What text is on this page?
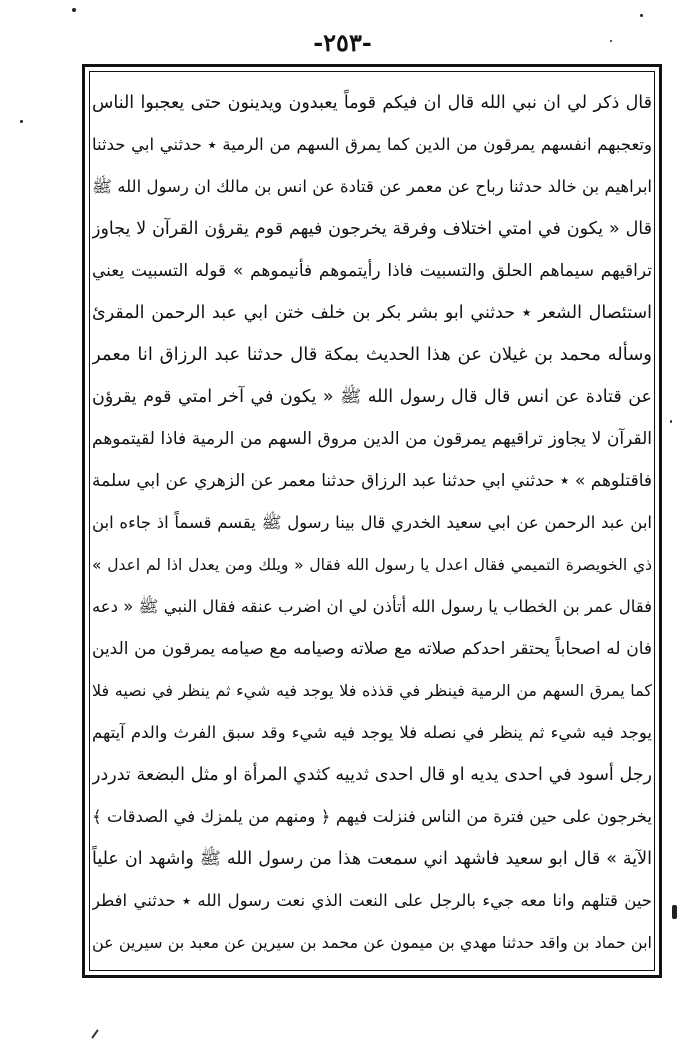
-٢٥٣-
قال ذكر لي ان نبي الله قال ان فيكم قوماً يعبدون ويدينون حتى يعجبوا الناس
وتعجبهم انفسهم يمرقون من الدين كما يمرق السهم من الرمية ٭ حدثني ابي حدثنا
ابراهيم بن خالد حدثنا رباح عن معمر عن قتادة عن انس بن مالك ان رسول الله ﷺ
قال « يكون في امتي اختلاف وفرقة يخرجون فيهم قوم يقرؤن القرآن لا يجاوز
تراقيهم سيماهم الحلق والتسبيت فاذا رأيتموهم فأنيموهم » قوله التسبيت يعني
استئصال الشعر ٭ حدثني ابو بشر بكر بن خلف ختن ابي عبد الرحمن المقرئ
وسأله محمد بن غيلان عن هذا الحديث بمكة قال حدثنا عبد الرزاق انا معمر
عن قتادة عن انس قال قال رسول الله ﷺ « يكون في آخر امتي قوم يقرؤن
القرآن لا يجاوز تراقيهم يمرقون من الدين مروق السهم من الرمية فاذا لقيتموهم
فاقتلوهم » ٭ حدثني ابي حدثنا عبد الرزاق حدثنا معمر عن الزهري عن ابي سلمة
ابن عبد الرحمن عن ابي سعيد الخدري قال بينا رسول ﷺ يقسم قسماً اذ جاءه ابن
ذي الخويصرة التميمي فقال اعدل يا رسول الله فقال « ويلك ومن يعدل اذا لم اعدل »
فقال عمر بن الخطاب يا رسول الله أتأذن لي ان اضرب عنقه فقال النبي ﷺ « دعه
فان له اصحاباً يحتقر احدكم صلاته مع صلاته وصيامه مع صيامه يمرقون من الدين
كما يمرق السهم من الرمية فينظر في قذذه فلا يوجد فيه شيء ثم ينظر في نصيه فلا
يوجد فيه شيء ثم ينظر في نصله فلا يوجد فيه شيء وقد سبق الفرث والدم آيتهم
رجل أسود في احدى يديه او قال احدى ثدييه كثدي المرأة او مثل البضعة تدردر
يخرجون على حين فترة من الناس فنزلت فيهم ﴿ ومنهم من يلمزك في الصدقات ﴾
الآية » قال ابو سعيد فاشهد اني سمعت هذا من رسول الله ﷺ واشهد ان علياً
حين قتلهم وانا معه جيء بالرجل على النعت الذي نعت رسول الله ٭ حدثني افطر
ابن حماد بن واقد حدثنا مهدي بن ميمون عن محمد بن سيرين عن معبد بن سيرين عن
